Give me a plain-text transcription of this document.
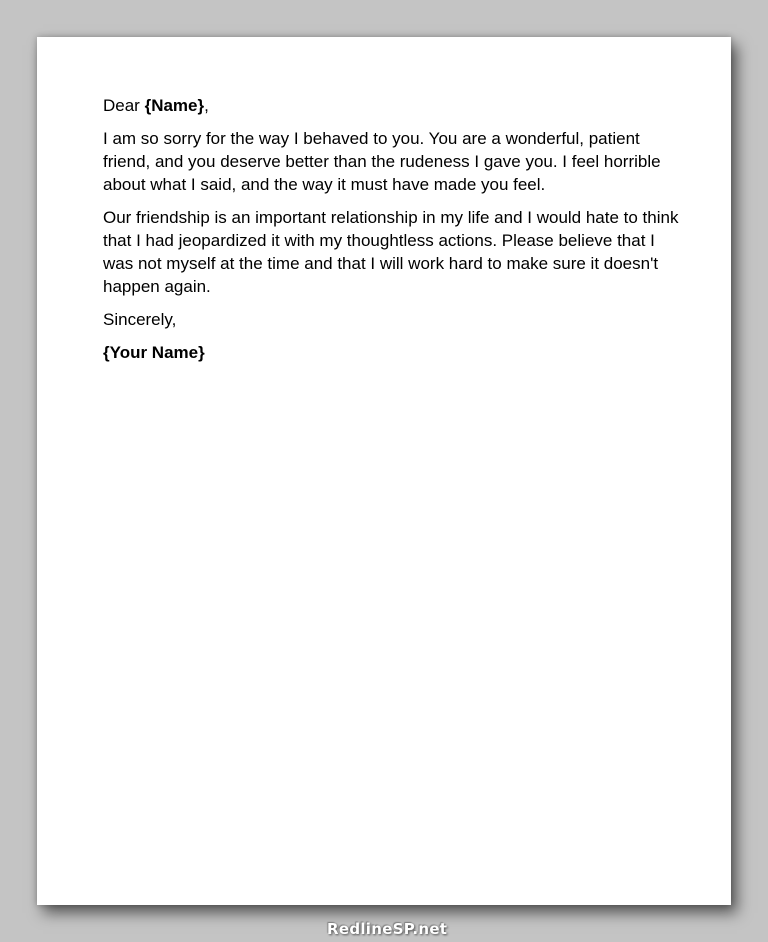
Dear {Name},

I am so sorry for the way I behaved to you. You are a wonderful, patient friend, and you deserve better than the rudeness I gave you. I feel horrible about what I said, and the way it must have made you feel.

Our friendship is an important relationship in my life and I would hate to think that I had jeopardized it with my thoughtless actions. Please believe that I was not myself at the time and that I will work hard to make sure it doesn't happen again.

Sincerely,

{Your Name}

RedlineSP.net
